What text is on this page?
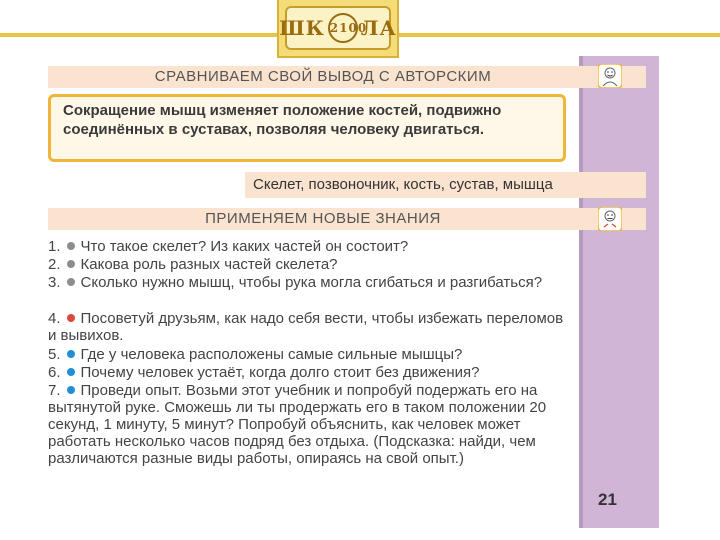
ШК 2100
ЛА
СРАВНИВАЕМ СВОЙ ВЫВОД С АВТОРСКИМ
Сокращение мышц изменяет положение костей, подвижно соединённых в суставах, позволяя человеку двигаться.
Скелет, позвоночник, кость, сустав, мышца
ПРИМЕНЯЕМ НОВЫЕ ЗНАНИЯ
1. Что такое скелет? Из каких частей он состоит?
2. Какова роль разных частей скелета?
3. Сколько нужно мышц, чтобы рука могла сгибаться и разгибаться?
4. Посоветуй друзьям, как надо себя вести, чтобы избежать переломов и вывихов.
5. Где у человека расположены самые сильные мышцы?
6. Почему человек устаёт, когда долго стоит без движения?
7. Проведи опыт. Возьми этот учебник и попробуй подержать его на вытянутой руке. Сможешь ли ты продержать его в таком положении 20 секунд, 1 минуту, 5 минут? Попробуй объяснить, как человек может работать несколько часов подряд без отдыха. (Подсказка: найди, чем различаются разные виды работы, опираясь на свой опыт.)
21
